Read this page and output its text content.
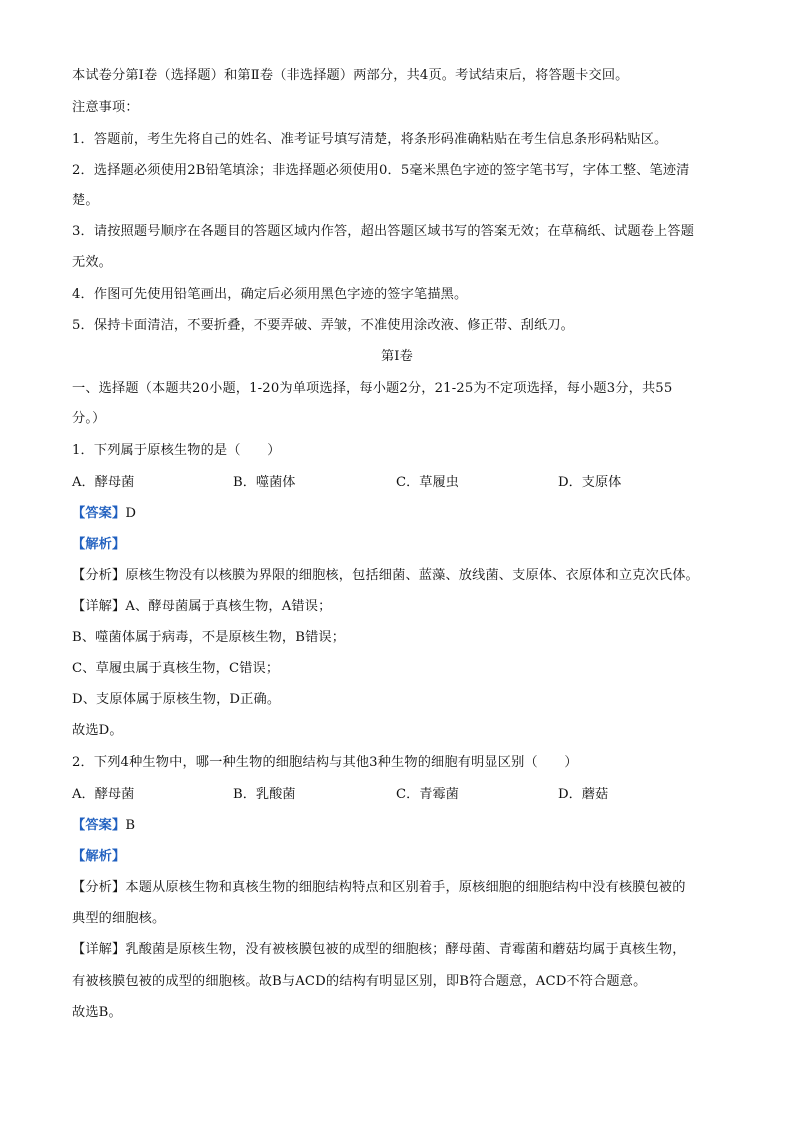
本试卷分第Ⅰ卷（选择题）和第Ⅱ卷（非选择题）两部分，共4页。考试结束后，将答题卡交回。
注意事项：
1．答题前，考生先将自己的姓名、准考证号填写清楚，将条形码准确粘贴在考生信息条形码粘贴区。
2．选择题必须使用2B铅笔填涂；非选择题必须使用0．5毫米黑色字迹的签字笔书写，字体工整、笔迹清
楚。
3．请按照题号顺序在各题目的答题区域内作答，超出答题区域书写的答案无效；在草稿纸、试题卷上答题
无效。
4．作图可先使用铅笔画出，确定后必须用黑色字迹的签字笔描黑。
5．保持卡面清洁，不要折叠，不要弄破、弄皱，不准使用涂改液、修正带、刮纸刀。
第Ⅰ卷
一、选择题（本题共20小题，1-20为单项选择，每小题2分，21-25为不定项选择，每小题3分，共55
分。）
1．下列属于原核生物的是（　　）
A．酵母菌	B．噬菌体	C．草履虫	D．支原体
【答案】D
【解析】
【分析】原核生物没有以核膜为界限的细胞核，包括细菌、蓝藻、放线菌、支原体、衣原体和立克次氏体。
【详解】A、酵母菌属于真核生物，A错误；
B、噬菌体属于病毒，不是原核生物，B错误；
C、草履虫属于真核生物，C错误；
D、支原体属于原核生物，D正确。
故选D。
2．下列4种生物中，哪一种生物的细胞结构与其他3种生物的细胞有明显区别（　　）
A．酵母菌	B．乳酸菌	C．青霉菌	D．蘑菇
【答案】B
【解析】
【分析】本题从原核生物和真核生物的细胞结构特点和区别着手，原核细胞的细胞结构中没有核膜包被的
典型的细胞核。
【详解】乳酸菌是原核生物，没有被核膜包被的成型的细胞核；酵母菌、青霉菌和蘑菇均属于真核生物，
有被核膜包被的成型的细胞核。故B与ACD的结构有明显区别，即B符合题意，ACD不符合题意。
故选B。
